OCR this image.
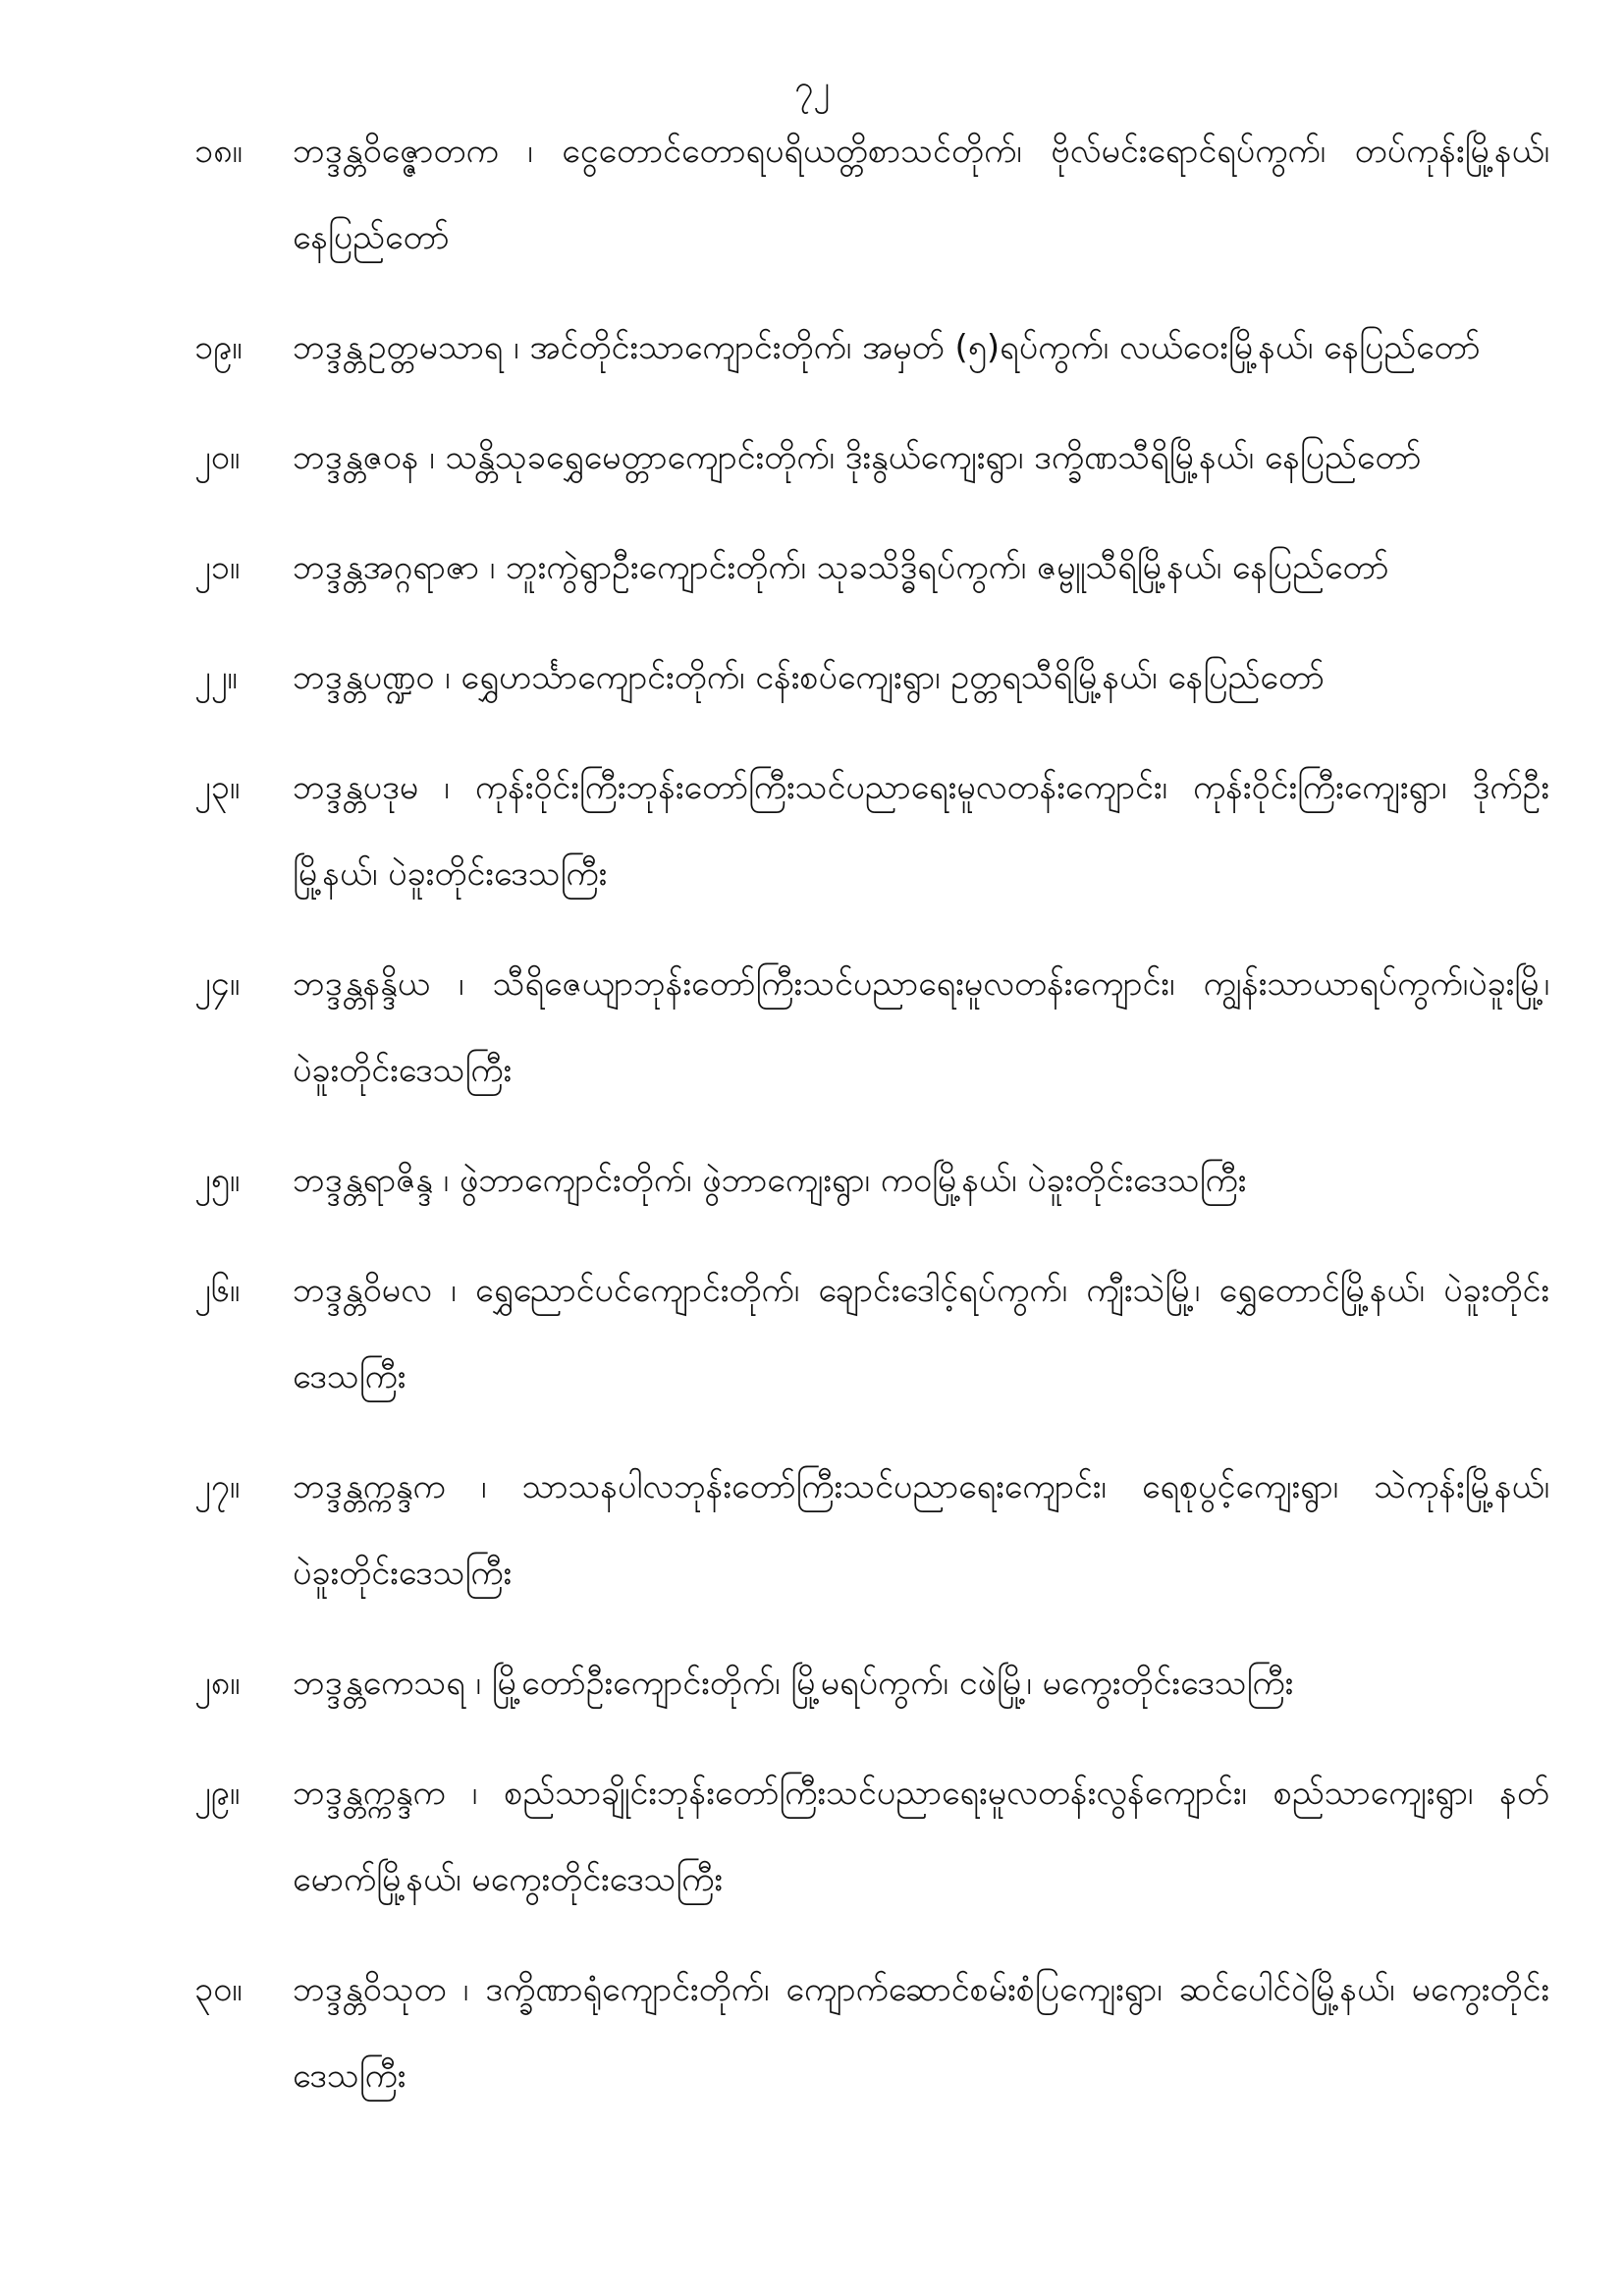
၇၂
၁၈။	ဘဒ္ဒန္တဝိဇ္ဇောတက ၊ ငွေတောင်တောရပရိယတ္တိစာသင်တိုက်၊ ဗိုလ်မင်းရောင်ရပ်ကွက်၊ တပ်ကုန်းမြို့နယ်၊ နေပြည်တော်
၁၉။	ဘဒ္ဒန္တဥတ္တမသာရ ၊ အင်တိုင်းသာကျောင်းတိုက်၊ အမှတ် (၅)ရပ်ကွက်၊ လယ်ဝေးမြို့နယ်၊ နေပြည်တော်
၂၀။	ဘဒ္ဒန္တဇဝန ၊ သန္တိသုခရွှေမေတ္တာကျောင်းတိုက်၊ ဒိုးနွယ်ကျေးရွာ၊ ဒက္ခိဏသီရိမြို့နယ်၊ နေပြည်တော်
၂၁။	ဘဒ္ဒန္တအဂ္ဂရာဇာ ၊ ဘူးကွဲရွာဦးကျောင်းတိုက်၊ သုခသိဒ္ဓိရပ်ကွက်၊ ဇမ္ဗူသီရိမြို့နယ်၊ နေပြည်တော်
၂၂။	ဘဒ္ဒန္တပဏ္ဍဝ ၊ ရွှေဟင်္သာကျောင်းတိုက်၊ ငန်းစပ်ကျေးရွာ၊ ဥတ္တရသီရိမြို့နယ်၊ နေပြည်တော်
၂၃။	ဘဒ္ဒန္တပဒုမ ၊ ကုန်းဝိုင်းကြီးဘုန်းတော်ကြီးသင်ပညာရေးမူလတန်းကျောင်း၊ ကုန်းဝိုင်းကြီးကျေးရွာ၊ ဒိုက်ဦးမြို့နယ်၊ ပဲခူးတိုင်းဒေသကြီး
၂၄။	ဘဒ္ဒန္တနန္ဒိယ ၊ သီရိဇေယျာဘုန်းတော်ကြီးသင်ပညာရေးမူလတန်းကျောင်း၊ ကျွန်းသာယာရပ်ကွက်၊ပဲခူးမြို့၊ ပဲခူးတိုင်းဒေသကြီး
၂၅။	ဘဒ္ဒန္တရာဇိန္ဒ ၊ ဖွဲဘာကျောင်းတိုက်၊ ဖွဲဘာကျေးရွာ၊ ကဝမြို့နယ်၊ ပဲခူးတိုင်းဒေသကြီး
၂၆။	ဘဒ္ဒန္တဝိမလ ၊ ရွှေညောင်ပင်ကျောင်းတိုက်၊ ချောင်းဒေါင့်ရပ်ကွက်၊ ကျီးသဲမြို့၊ ရွှေတောင်မြို့နယ်၊ ပဲခူးတိုင်းဒေသကြီး
၂၇။	ဘဒ္ဒန္တက္ကန္ဒက ၊ သာသနပါလဘုန်းတော်ကြီးသင်ပညာရေးကျောင်း၊ ရေစုပွင့်ကျေးရွာ၊ သဲကုန်းမြို့နယ်၊ ပဲခူးတိုင်းဒေသကြီး
၂၈။	ဘဒ္ဒန္တကေသရ ၊ မြို့တော်ဦးကျောင်းတိုက်၊ မြို့မရပ်ကွက်၊ ငဖဲမြို့၊ မကွေးတိုင်းဒေသကြီး
၂၉။	ဘဒ္ဒန္တက္ကန္ဒက ၊ စည်သာချိုင်းဘုန်းတော်ကြီးသင်ပညာရေးမူလတန်းလွန်ကျောင်း၊ စည်သာကျေးရွာ၊ နတ်မောက်မြို့နယ်၊ မကွေးတိုင်းဒေသကြီး
၃၀။	ဘဒ္ဒန္တဝိသုတ ၊ ဒက္ခိဏာရုံကျောင်းတိုက်၊ ကျောက်ဆောင်စမ်းစံပြကျေးရွာ၊ ဆင်ပေါင်ဝဲမြို့နယ်၊ မကွေးတိုင်းဒေသကြီး
